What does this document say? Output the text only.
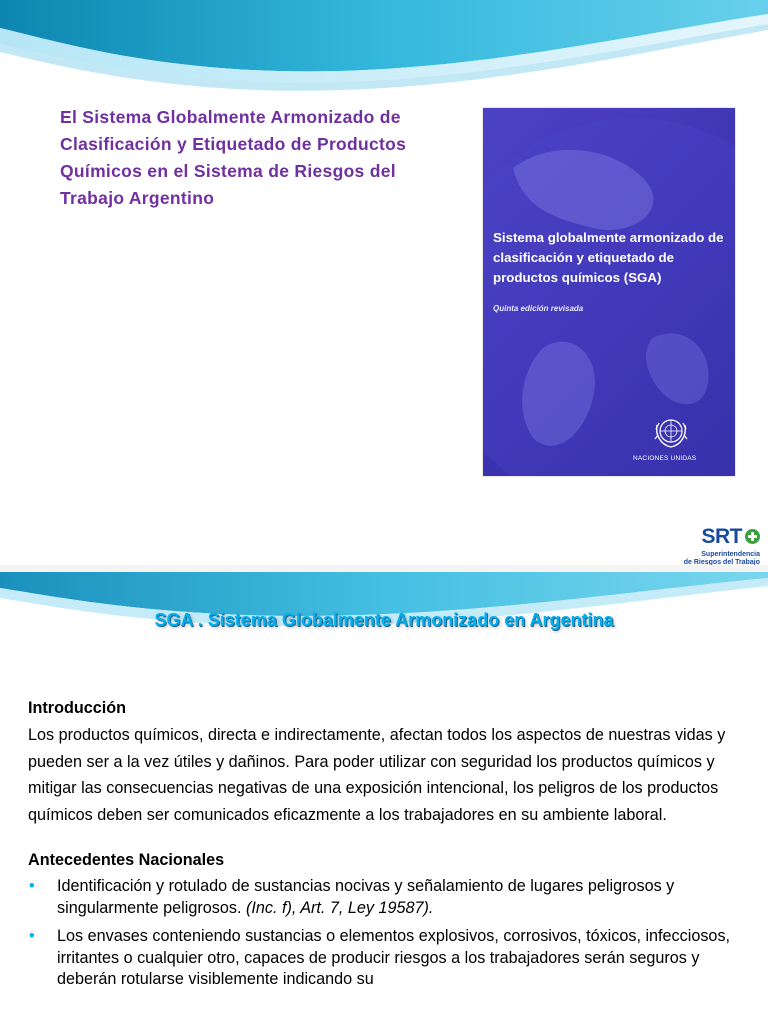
El Sistema Globalmente Armonizado de Clasificación y Etiquetado de Productos Químicos en el Sistema de Riesgos del Trabajo Argentino

Sistema globalmente armonizado de clasificación y etiquetado de productos químicos (SGA)
Quinta edición revisada
NACIONES UNIDAS
SRT
Superintendencia
de Riesgos del Trabajo
SGA . Sistema Globalmente Armonizado en Argentina

Introducción

Los productos químicos, directa e indirectamente, afectan todos los aspectos de nuestras vidas y pueden ser a la vez útiles y dañinos. Para poder utilizar con seguridad los productos químicos y mitigar las consecuencias negativas de una exposición intencional, los peligros de los productos químicos deben ser comunicados eficazmente a los trabajadores en su ambiente laboral.

Antecedentes Nacionales

• Identificación y rotulado de sustancias nocivas y señalamiento de lugares peligrosos y singularmente peligrosos. (Inc. f), Art. 7, Ley 19587).
• Los envases conteniendo sustancias o elementos explosivos, corrosivos, tóxicos, infecciosos, irritantes o cualquier otro, capaces de producir riesgos a los trabajadores serán seguros y deberán rotularse visiblemente indicando su
